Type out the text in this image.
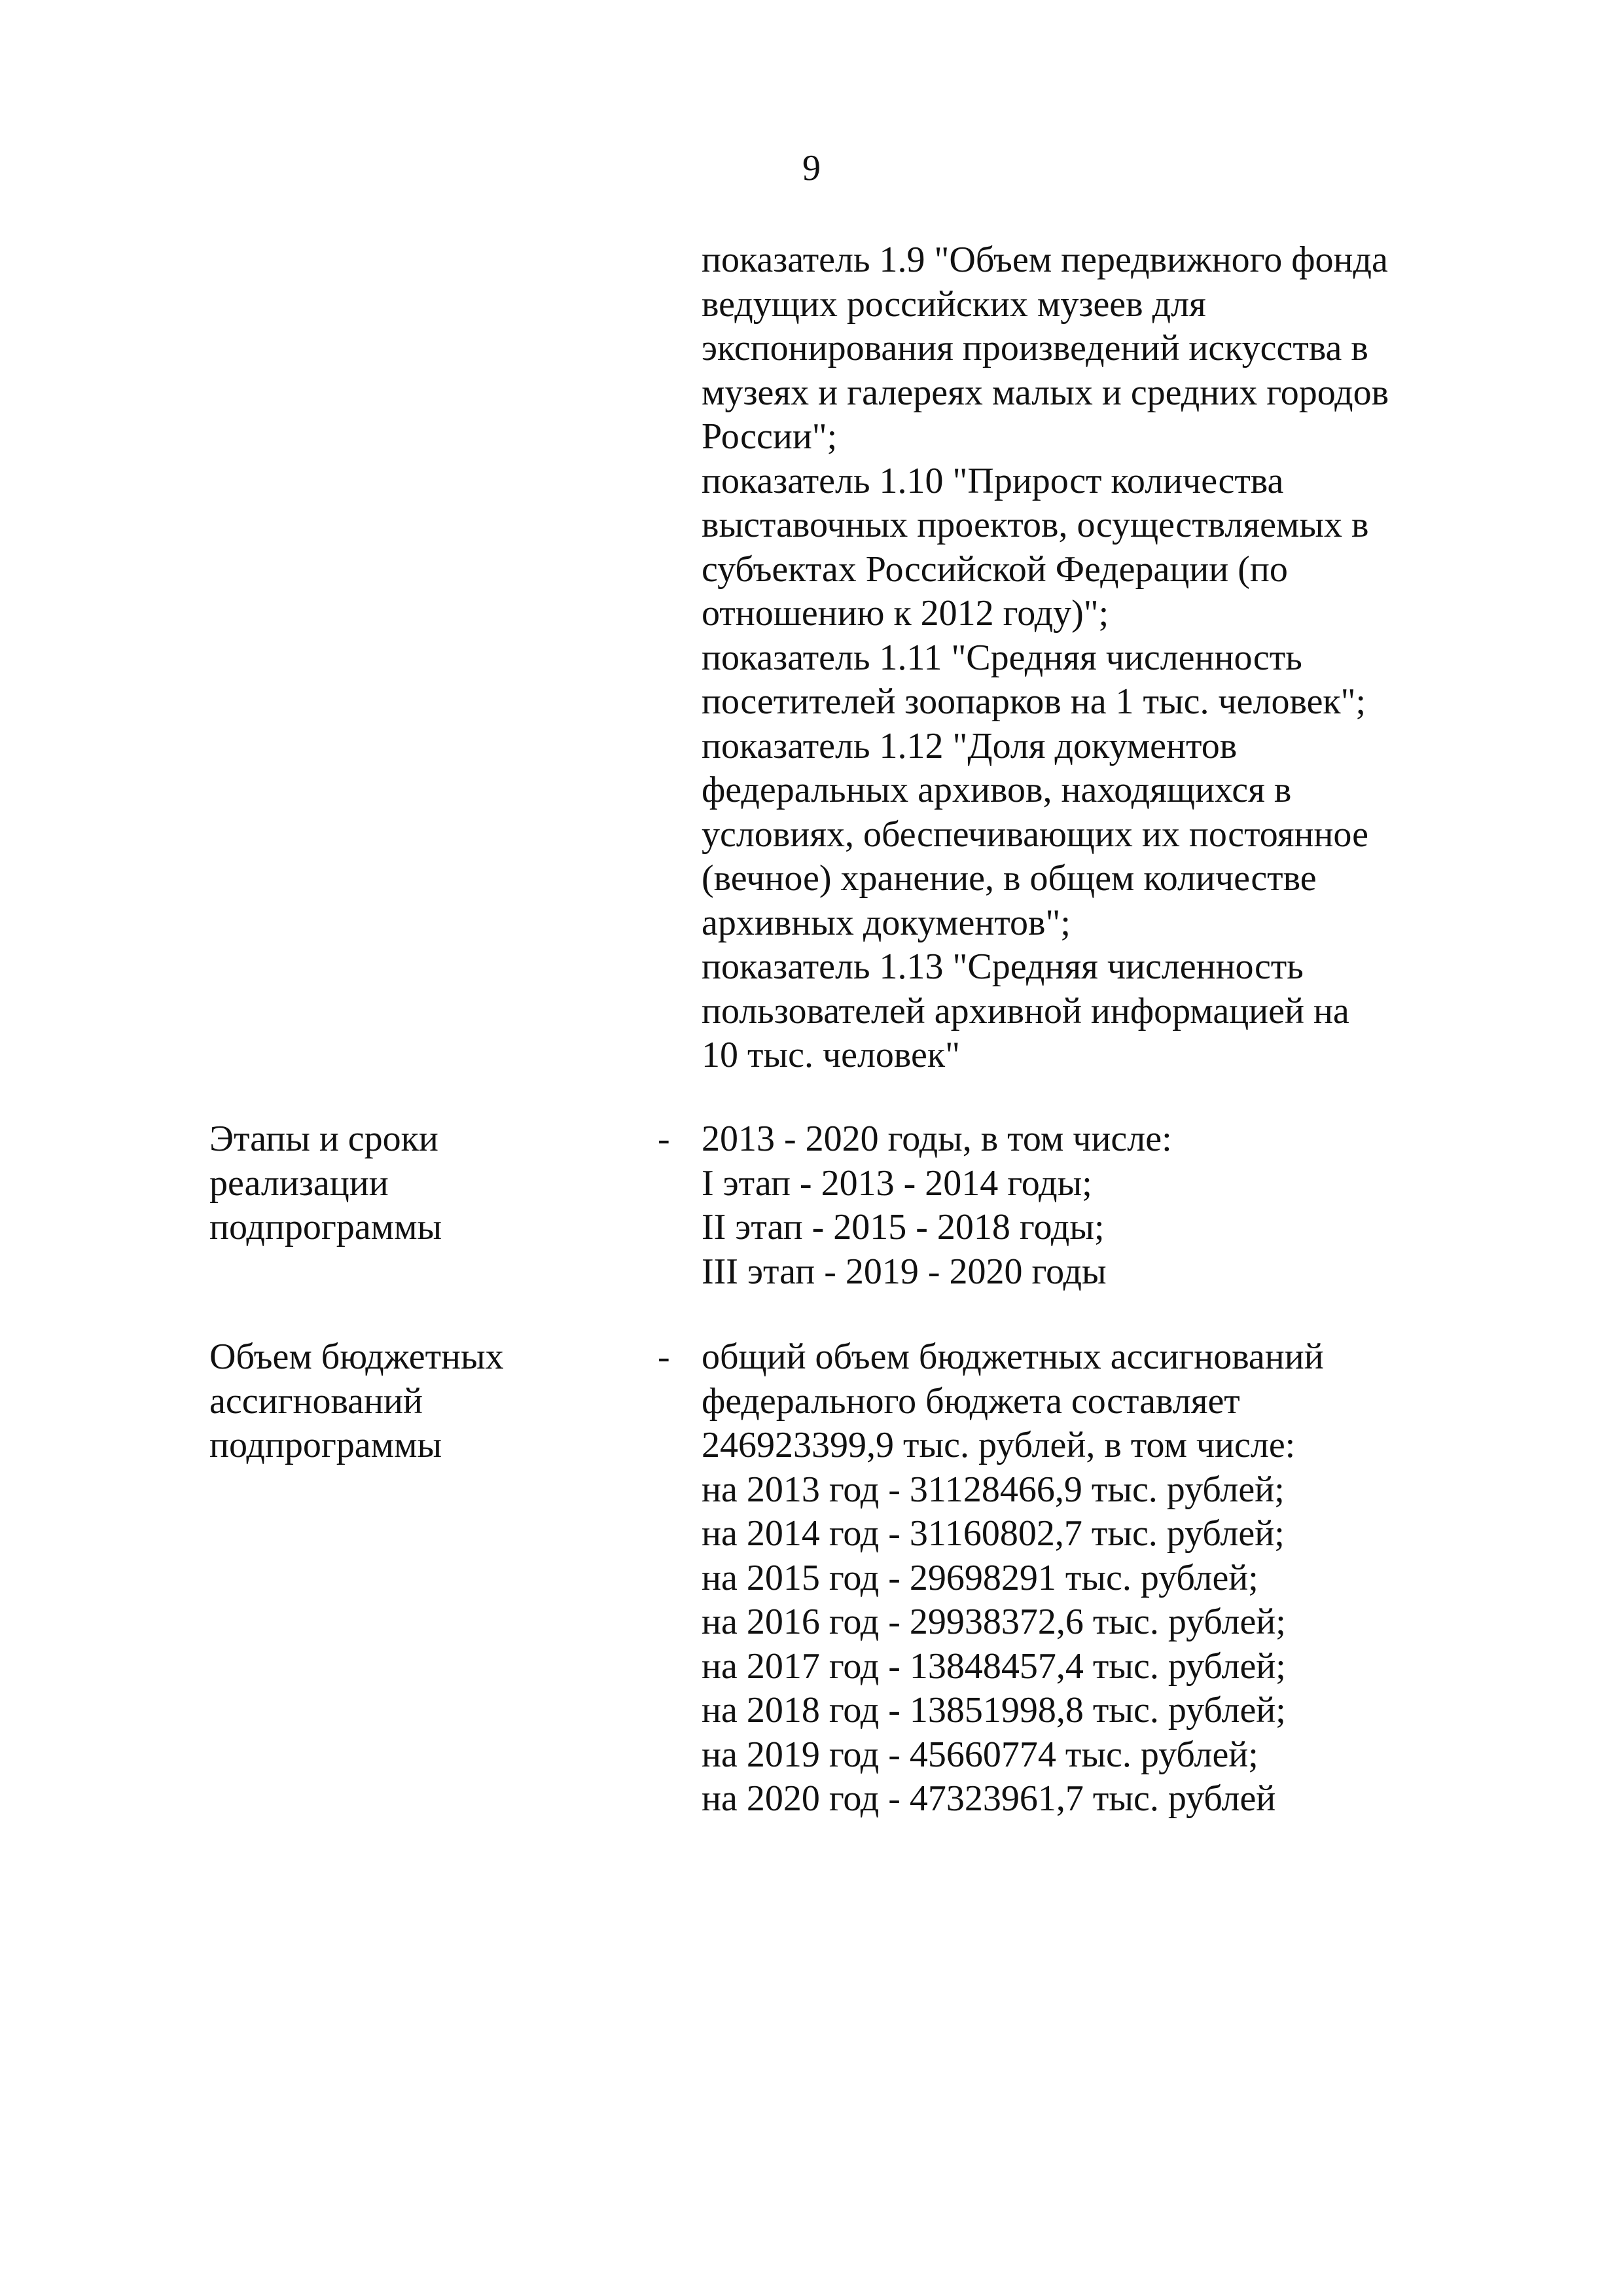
9
показатель 1.9 "Объем передвижного фонда
ведущих российских музеев для
экспонирования произведений искусства в
музеях и галереях малых и средних городов
России";
показатель 1.10 "Прирост количества
выставочных проектов, осуществляемых в
субъектах Российской Федерации (по
отношению к 2012 году)";
показатель 1.11 "Средняя численность
посетителей зоопарков на 1 тыс. человек";
показатель 1.12 "Доля документов
федеральных архивов, находящихся в
условиях, обеспечивающих их постоянное
(вечное) хранение, в общем количестве
архивных документов";
показатель 1.13 "Средняя численность
пользователей архивной информацией на
10 тыс. человек"
Этапы и сроки
реализации
подпрограммы
- 2013 - 2020 годы, в том числе:
I этап - 2013 - 2014 годы;
II этап - 2015 - 2018 годы;
III этап - 2019 - 2020 годы
Объем бюджетных
ассигнований
подпрограммы
- общий объем бюджетных ассигнований
федерального бюджета составляет
246923399,9 тыс. рублей, в том числе:
на 2013 год - 31128466,9 тыс. рублей;
на 2014 год - 31160802,7 тыс. рублей;
на 2015 год - 29698291 тыс. рублей;
на 2016 год - 29938372,6 тыс. рублей;
на 2017 год - 13848457,4 тыс. рублей;
на 2018 год - 13851998,8 тыс. рублей;
на 2019 год - 45660774 тыс. рублей;
на 2020 год - 47323961,7 тыс. рублей
